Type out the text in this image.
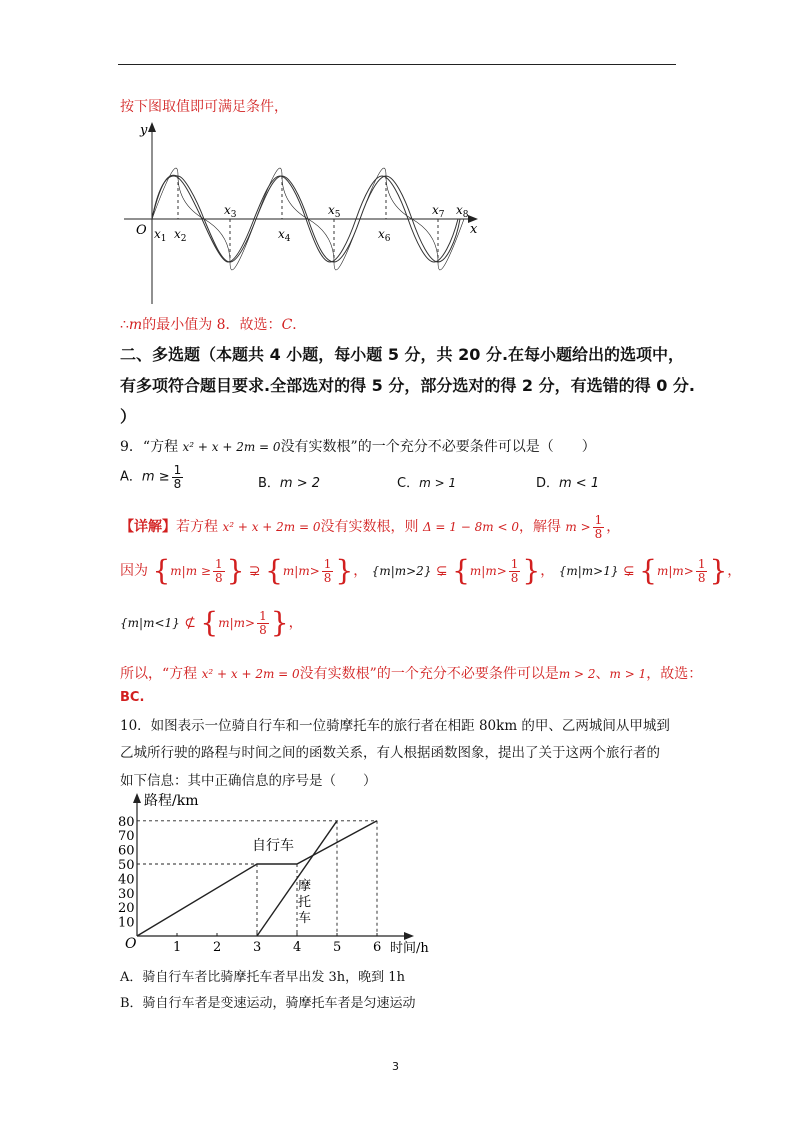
按下图取值即可满足条件，
y
x
O $x_1$ $x_2$
$x_3$
$x_4$
$x_5$
$x_6$
$x_7$ $x_8$
∴m的最小值为 8．故选：C．
二、多选题（本题共 4 小题，每小题 5 分，共 20 分.在每小题给出的选项中，
有多项符合题目要求.全部选对的得 5 分，部分选对的得 2 分，有选错的得 0 分.
）
9．“方程 x² + x + 2m = 0没有实数根”的一个充分不必要条件可以是（　　）
A．$m \ge \frac{1}{8}$	B．m > 2	C．m > 1	D．m < 1
【详解】若方程 x² + x + 2m = 0没有实数根，则 Δ = 1 − 8m < 0，解得 $m > \frac{1}{8}$ ，
因为 {$m|m \ge \frac{1}{8}$ } ⊋ {$m|m> \frac{1}{8}$ }， {m|m>2} ⊊ {$m|m> \frac{1}{8}$ }， {m|m>1} ⊊ {$m|m> \frac{1}{8}$ }，
{m|m<1} ⊄ {$m|m> \frac{1}{8}$ }，
所以，“方程 x² + x + 2m = 0没有实数根”的一个充分不必要条件可以是m > 2、m > 1，故选：
BC.
10．如图表示一位骑自行车和一位骑摩托车的旅行者在相距 80km 的甲、乙两城间从甲城到
乙城所行驶的路程与时间之间的函数关系，有人根据函数图象，提出了关于这两个旅行者的
如下信息：其中正确信息的序号是（　　）
1 2 3 4 5 6
10
20
30
40
50
60
70
80
路程/km
时间/h
O
自行车
摩
托
车
A．骑自行车者比骑摩托车者早出发 3h，晚到 1h
B．骑自行车者是变速运动，骑摩托车者是匀速运动
3
